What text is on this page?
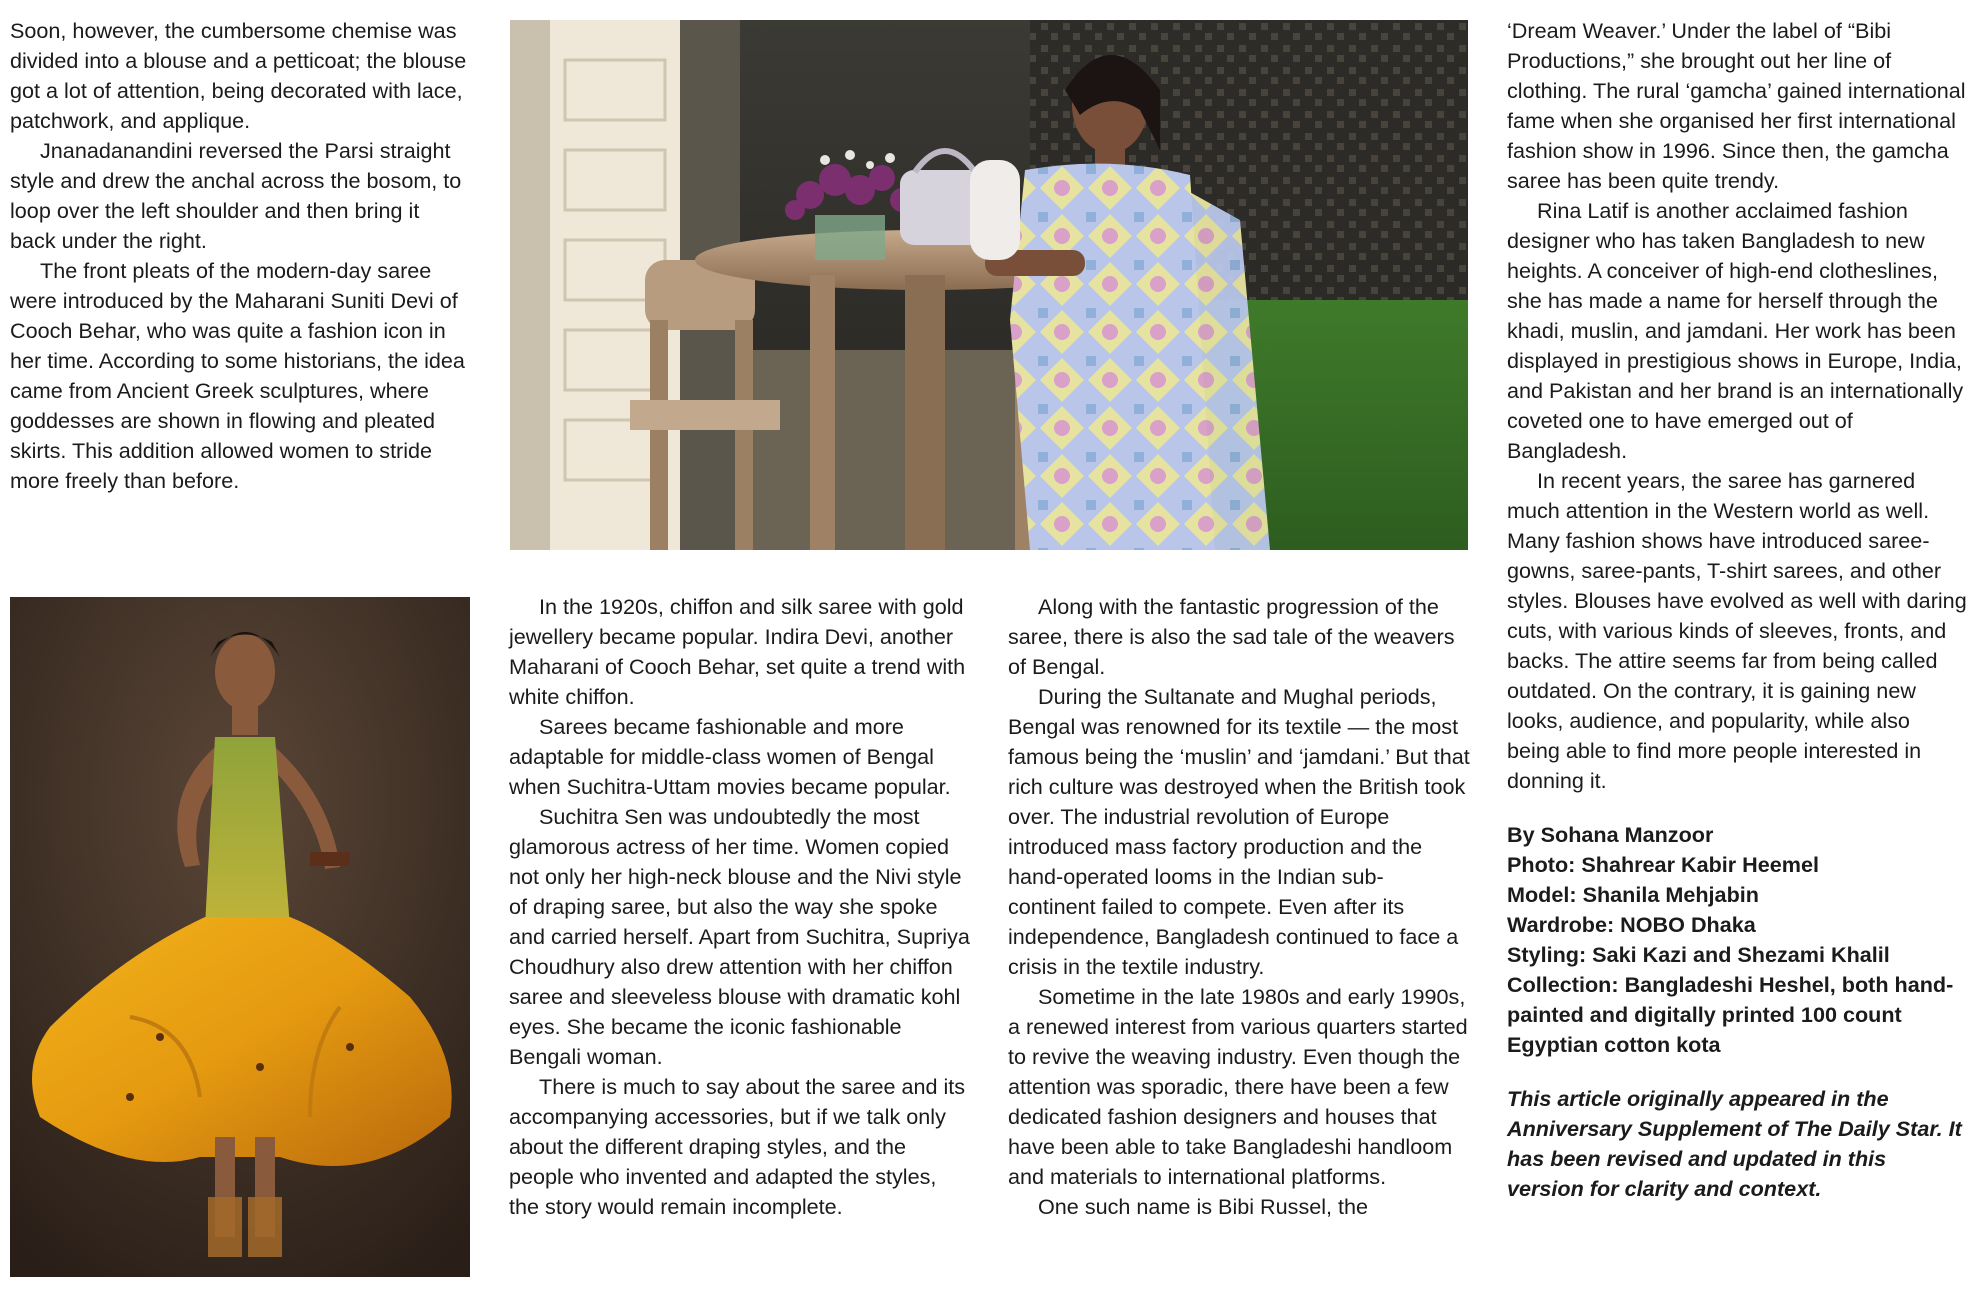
Soon, however, the cumbersome chemise was divided into a blouse and a petticoat; the blouse got a lot of attention, being decorated with lace, patchwork, and applique.

Jnanadanandini reversed the Parsi straight style and drew the anchal across the bosom, to loop over the left shoulder and then bring it back under the right.

The front pleats of the modern-day saree were introduced by the Maharani Suniti Devi of Cooch Behar, who was quite a fashion icon in her time. According to some historians, the idea came from Ancient Greek sculptures, where goddesses are shown in flowing and pleated skirts. This addition allowed women to stride more freely than before.

In the 1920s, chiffon and silk saree with gold jewellery became popular. Indira Devi, another Maharani of Cooch Behar, set quite a trend with white chiffon.

Sarees became fashionable and more adaptable for middle-class women of Bengal when Suchitra-Uttam movies became popular.

Suchitra Sen was undoubtedly the most glamorous actress of her time. Women copied not only her high-neck blouse and the Nivi style of draping saree, but also the way she spoke and carried herself. Apart from Suchitra, Supriya Choudhury also drew attention with her chiffon saree and sleeveless blouse with dramatic kohl eyes. She became the iconic fashionable Bengali woman.

There is much to say about the saree and its accompanying accessories, but if we talk only about the different draping styles, and the people who invented and adapted the styles, the story would remain incomplete.

Along with the fantastic progression of the saree, there is also the sad tale of the weavers of Bengal.

During the Sultanate and Mughal periods, Bengal was renowned for its textile — the most famous being the ‘muslin’ and ‘jamdani.’ But that rich culture was destroyed when the British took over. The industrial revolution of Europe introduced mass factory production and the hand-operated looms in the Indian sub-continent failed to compete. Even after its independence, Bangladesh continued to face a crisis in the textile industry.

Sometime in the late 1980s and early 1990s, a renewed interest from various quarters started to revive the weaving industry. Even though the attention was sporadic, there have been a few dedicated fashion designers and houses that have been able to take Bangladeshi handloom and materials to international platforms.

One such name is Bibi Russel, the

‘Dream Weaver.’ Under the label of “Bibi Productions,” she brought out her line of clothing. The rural ‘gamcha’ gained international fame when she organised her first international fashion show in 1996. Since then, the gamcha saree has been quite trendy.

Rina Latif is another acclaimed fashion designer who has taken Bangladesh to new heights. A conceiver of high-end clotheslines, she has made a name for herself through the khadi, muslin, and jamdani. Her work has been displayed in prestigious shows in Europe, India, and Pakistan and her brand is an internationally coveted one to have emerged out of Bangladesh.

In recent years, the saree has garnered much attention in the Western world as well. Many fashion shows have introduced saree-gowns, saree-pants, T-shirt sarees, and other styles. Blouses have evolved as well with daring cuts, with various kinds of sleeves, fronts, and backs. The attire seems far from being called outdated. On the contrary, it is gaining new looks, audience, and popularity, while also being able to find more people interested in donning it.

By Sohana Manzoor
Photo: Shahrear Kabir Heemel
Model: Shanila Mehjabin
Wardrobe: NOBO Dhaka
Styling: Saki Kazi and Shezami Khalil
Collection: Bangladeshi Heshel, both hand-painted and digitally printed 100 count Egyptian cotton kota
This article originally appeared in the Anniversary Supplement of The Daily Star. It has been revised and updated in this version for clarity and context.
